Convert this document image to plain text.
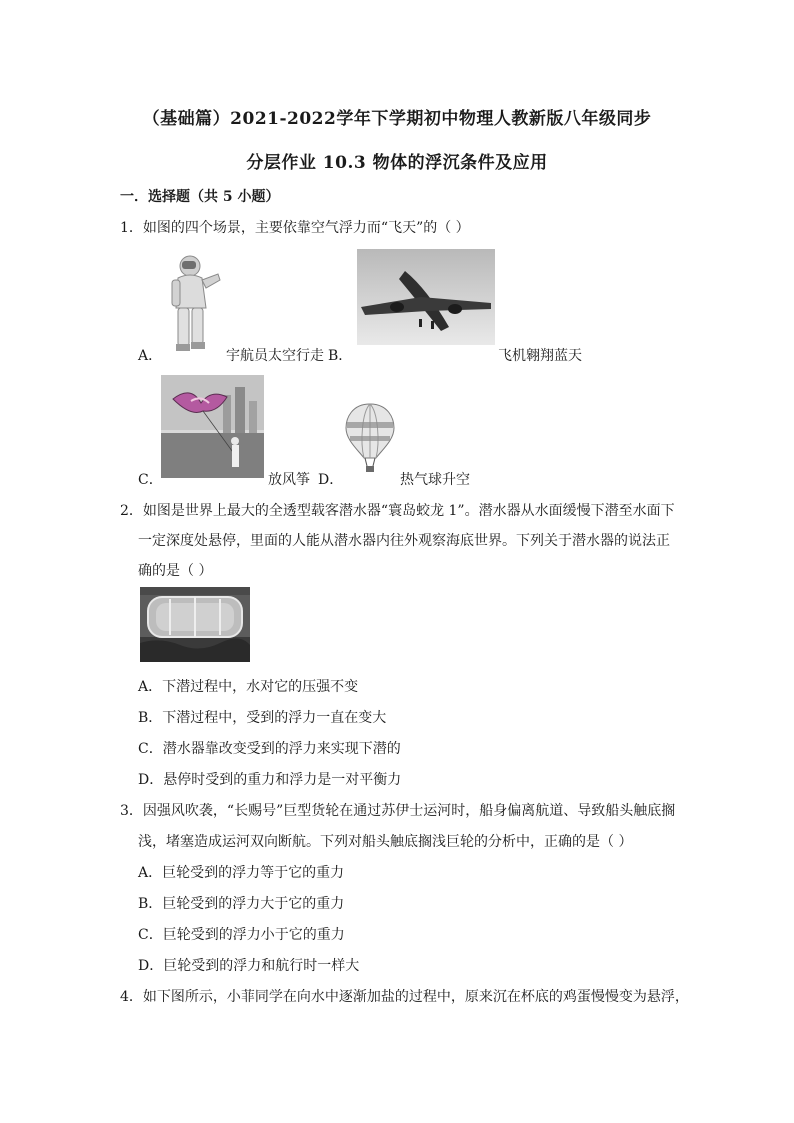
（基础篇）2021-2022学年下学期初中物理人教新版八年级同步
分层作业 10.3 物体的浮沉条件及应用
一．选择题（共 5 小题）
1．如图的四个场景，主要依靠空气浮力而“飞天”的（ ）
A．	宇航员太空行走 B．	飞机翱翔蓝天
C．	放风筝 D．	热气球升空
2．如图是世界上最大的全透型载客潜水器“寰岛蛟龙 1”。潜水器从水面缓慢下潜至水面下
一定深度处悬停，里面的人能从潜水器内往外观察海底世界。下列关于潜水器的说法正
确的是（ ）
A．下潜过程中，水对它的压强不变
B．下潜过程中，受到的浮力一直在变大
C．潜水器靠改变受到的浮力来实现下潜的
D．悬停时受到的重力和浮力是一对平衡力
3．因强风吹袭，“长赐号”巨型货轮在通过苏伊士运河时，船身偏离航道、导致船头触底搁
浅，堵塞造成运河双向断航。下列对船头触底搁浅巨轮的分析中，正确的是（ ）
A．巨轮受到的浮力等于它的重力
B．巨轮受到的浮力大于它的重力
C．巨轮受到的浮力小于它的重力
D．巨轮受到的浮力和航行时一样大
4．如下图所示，小菲同学在向水中逐渐加盐的过程中，原来沉在杯底的鸡蛋慢慢变为悬浮，
